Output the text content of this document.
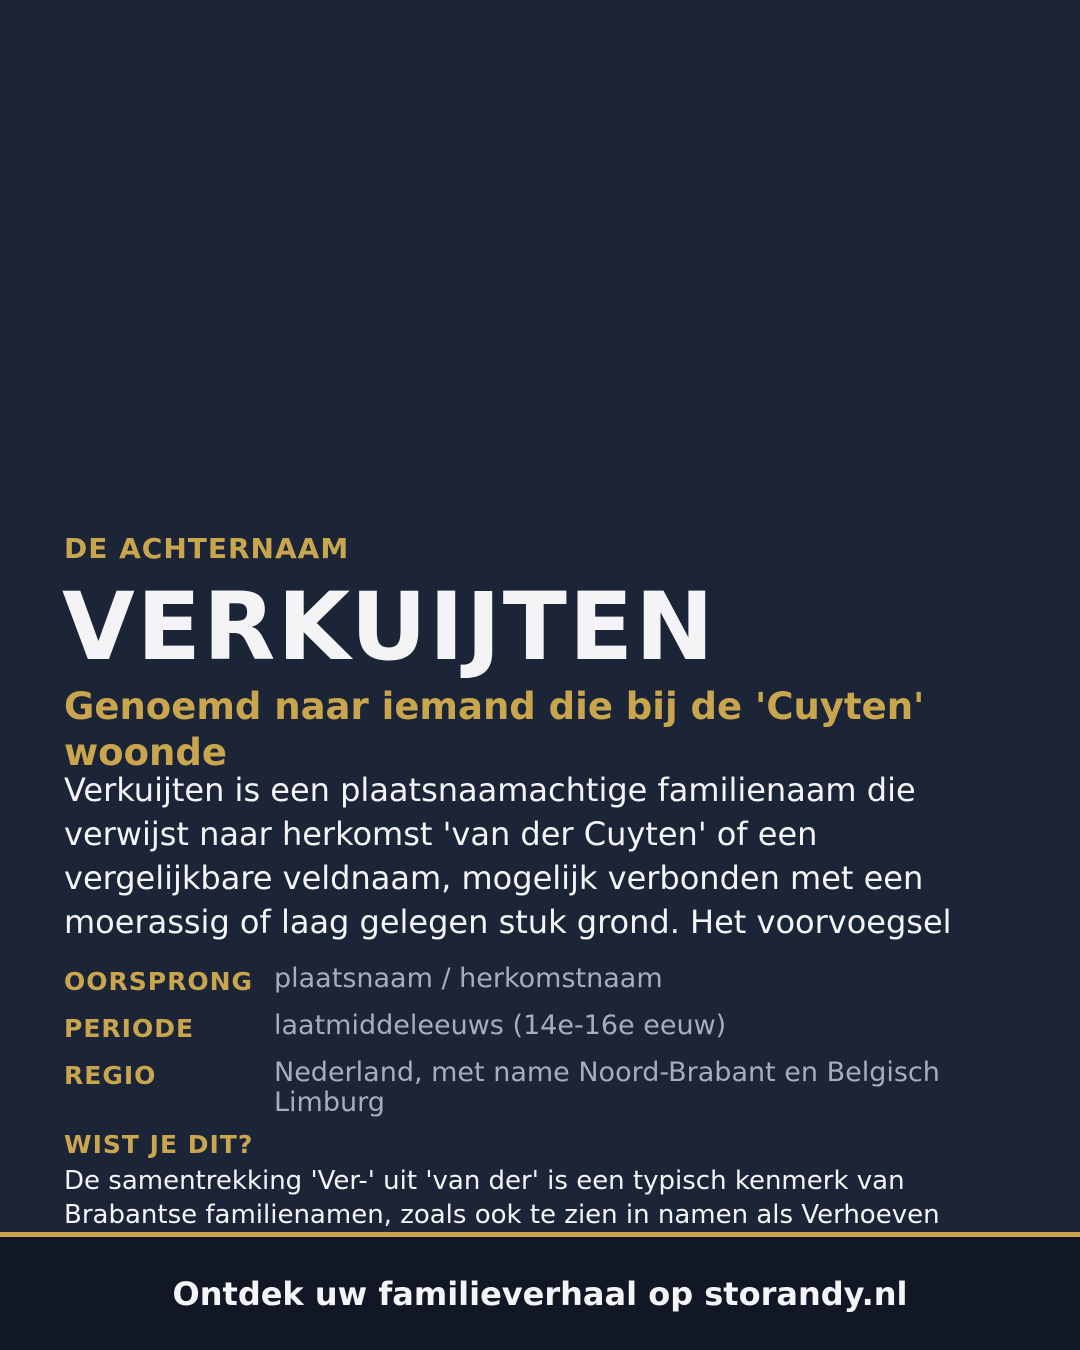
DE ACHTERNAAM
VERKUIJTEN
Genoemd naar iemand die bij de 'Cuyten' woonde
Verkuijten is een plaatsnaamachtige familienaam die verwijst naar herkomst 'van der Cuyten' of een vergelijkbare veldnaam, mogelijk verbonden met een moerassig of laag gelegen stuk grond. Het voorvoegsel
OORSPRONG plaatsnaam / herkomstnaam
PERIODE	laatmiddeleeuws (14e-16e eeuw)
REGIO	Nederland, met name Noord-Brabant en Belgisch Limburg
WIST JE DIT?
De samentrekking 'Ver-' uit 'van der' is een typisch kenmerk van Brabantse familienamen, zoals ook te zien in namen als Verhoeven
Ontdek uw familieverhaal op storandy.nl
